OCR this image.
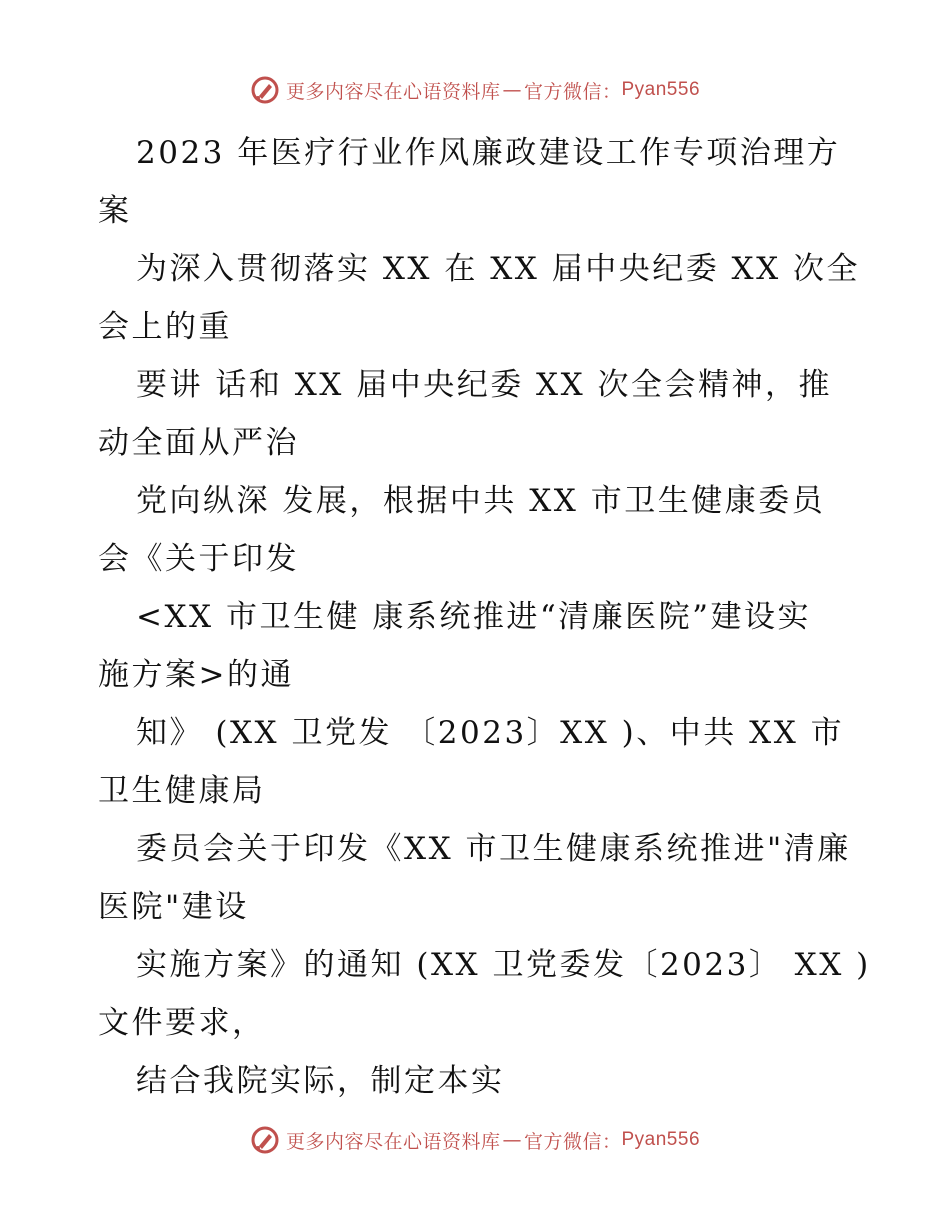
更多内容尽在心语资料库 — 官方微信： Pyan556
2023 年医疗行业作风廉政建设工作专项治理方
案
为深入贯彻落实 XX 在 XX 届中央纪委 XX 次全
会上的重
要讲 话和 XX 届中央纪委 XX 次全会精神，推
动全面从严治
党向纵深 发展，根据中共 XX 市卫生健康委员
会《关于印发
<XX 市卫生健 康系统推进“清廉医院”建设实
施方案>的通
知》 (XX 卫党发 〔2023〕XX )、中共 XX 市
卫生健康局
委员会关于印发《XX 市卫生健康系统推进"清廉
医院"建设
实施方案》的通知 (XX 卫党委发〔2023〕 XX )
文件要求，
结合我院实际，制定本实
更多内容尽在心语资料库 — 官方微信： Pyan556
